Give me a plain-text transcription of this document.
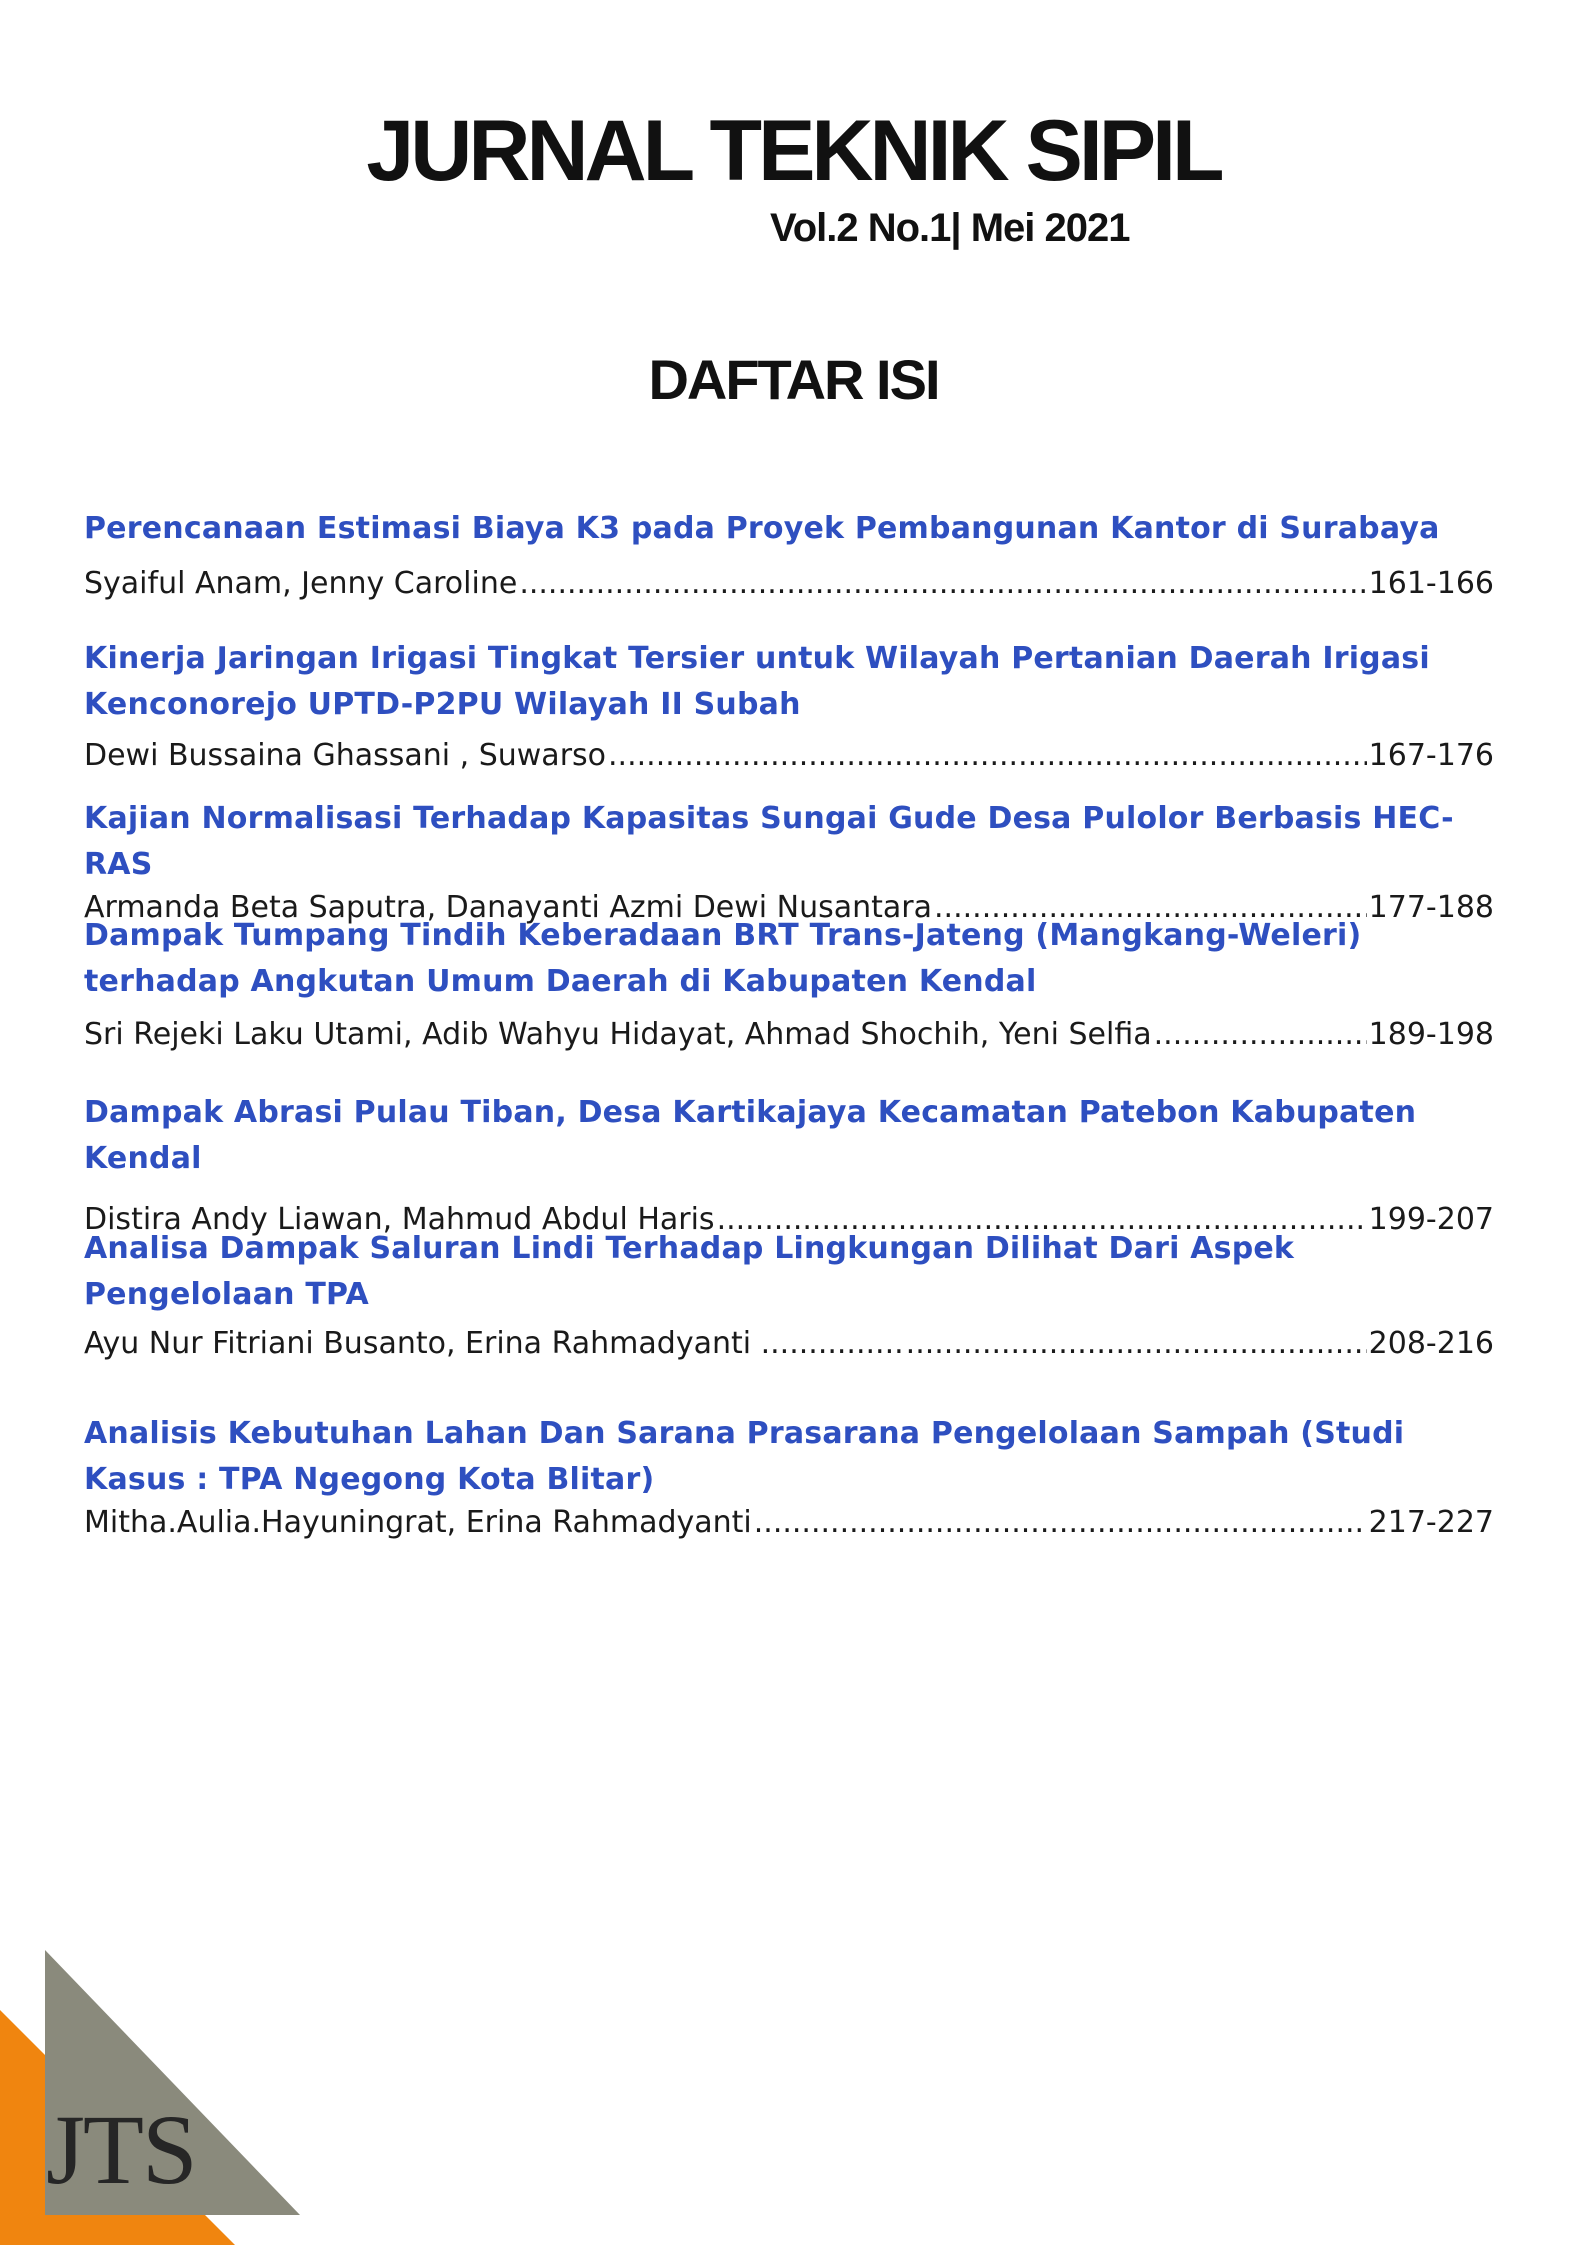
JURNAL TEKNIK SIPIL
Vol.2 No.1| Mei 2021
DAFTAR ISI
Perencanaan Estimasi Biaya K3 pada Proyek Pembangunan Kantor di Surabaya
Syaiful Anam, Jenny Caroline .....	161-166
Kinerja Jaringan Irigasi Tingkat Tersier untuk Wilayah Pertanian Daerah Irigasi Kenconorejo UPTD-P2PU Wilayah II Subah
Dewi Bussaina Ghassani , Suwarso .....	167-176
Kajian Normalisasi Terhadap Kapasitas Sungai Gude Desa Pulolor Berbasis HEC-RAS
Armanda Beta Saputra, Danayanti Azmi Dewi Nusantara .....	177-188
Dampak Tumpang Tindih Keberadaan BRT Trans-Jateng (Mangkang-Weleri) terhadap Angkutan Umum Daerah di Kabupaten Kendal
Sri Rejeki Laku Utami, Adib Wahyu Hidayat, Ahmad Shochih, Yeni Selfia .....	189-198
Dampak Abrasi Pulau Tiban, Desa Kartikajaya Kecamatan Patebon Kabupaten Kendal
Distira Andy Liawan, Mahmud Abdul Haris .....	199-207
Analisa Dampak Saluran Lindi Terhadap Lingkungan Dilihat Dari Aspek Pengelolaan TPA
Ayu Nur Fitriani Busanto, Erina Rahmadyanti ............... .....	208-216
Analisis Kebutuhan Lahan Dan Sarana Prasarana Pengelolaan Sampah (Studi Kasus : TPA Ngegong Kota Blitar)
Mitha.Aulia.Hayuningrat, Erina Rahmadyanti .....	217-227
JTS
